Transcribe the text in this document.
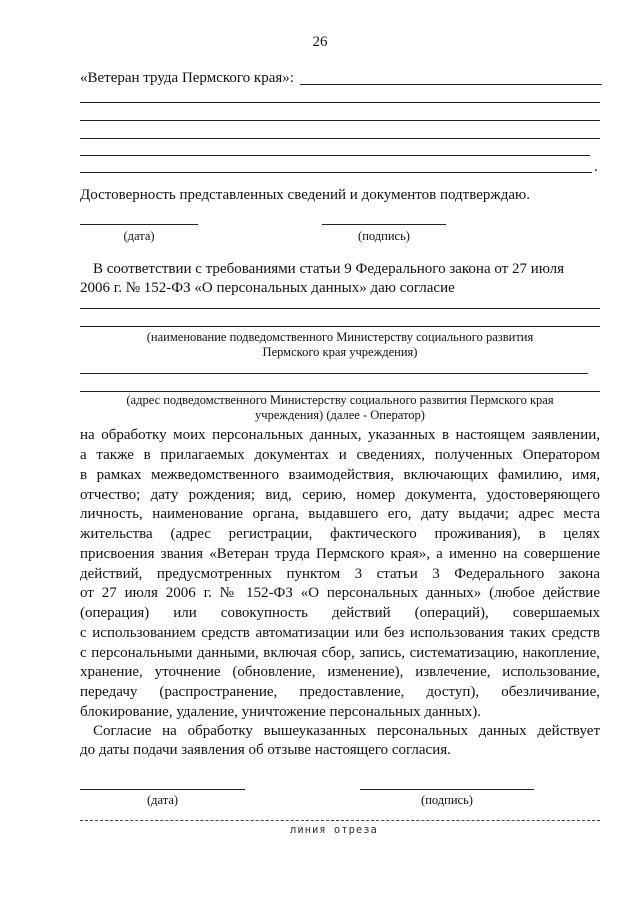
26
«Ветеран труда Пермского края»:
.
Достоверность представленных сведений и документов подтверждаю.
(дата)	(подпись)
В соответствии с требованиями статьи 9 Федерального закона от 27 июля
2006 г. № 152-ФЗ «О персональных данных» даю согласие
(наименование подведомственного Министерству социального развития
Пермского края учреждения)
(адрес подведомственного Министерству социального развития Пермского края
учреждения) (далее - Оператор)
на обработку моих персональных данных, указанных в настоящем заявлении,
а также в прилагаемых документах и сведениях, полученных Оператором
в рамках межведомственного взаимодействия, включающих фамилию, имя,
отчество; дату рождения; вид, серию, номер документа, удостоверяющего
личность, наименование органа, выдавшего его, дату выдачи; адрес места
жительства (адрес регистрации, фактического проживания), в целях
присвоения звания «Ветеран труда Пермского края», а именно на совершение
действий, предусмотренных пунктом 3 статьи 3 Федерального закона
от 27 июля 2006 г. № 152-ФЗ «О персональных данных» (любое действие
(операция) или совокупность действий (операций), совершаемых
с использованием средств автоматизации или без использования таких средств
с персональными данными, включая сбор, запись, систематизацию, накопление,
хранение, уточнение (обновление, изменение), извлечение, использование,
передачу (распространение, предоставление, доступ), обезличивание,
блокирование, удаление, уничтожение персональных данных).
Согласие на обработку вышеуказанных персональных данных действует
до даты подачи заявления об отзыве настоящего согласия.
(дата)	(подпись)
линия отреза
